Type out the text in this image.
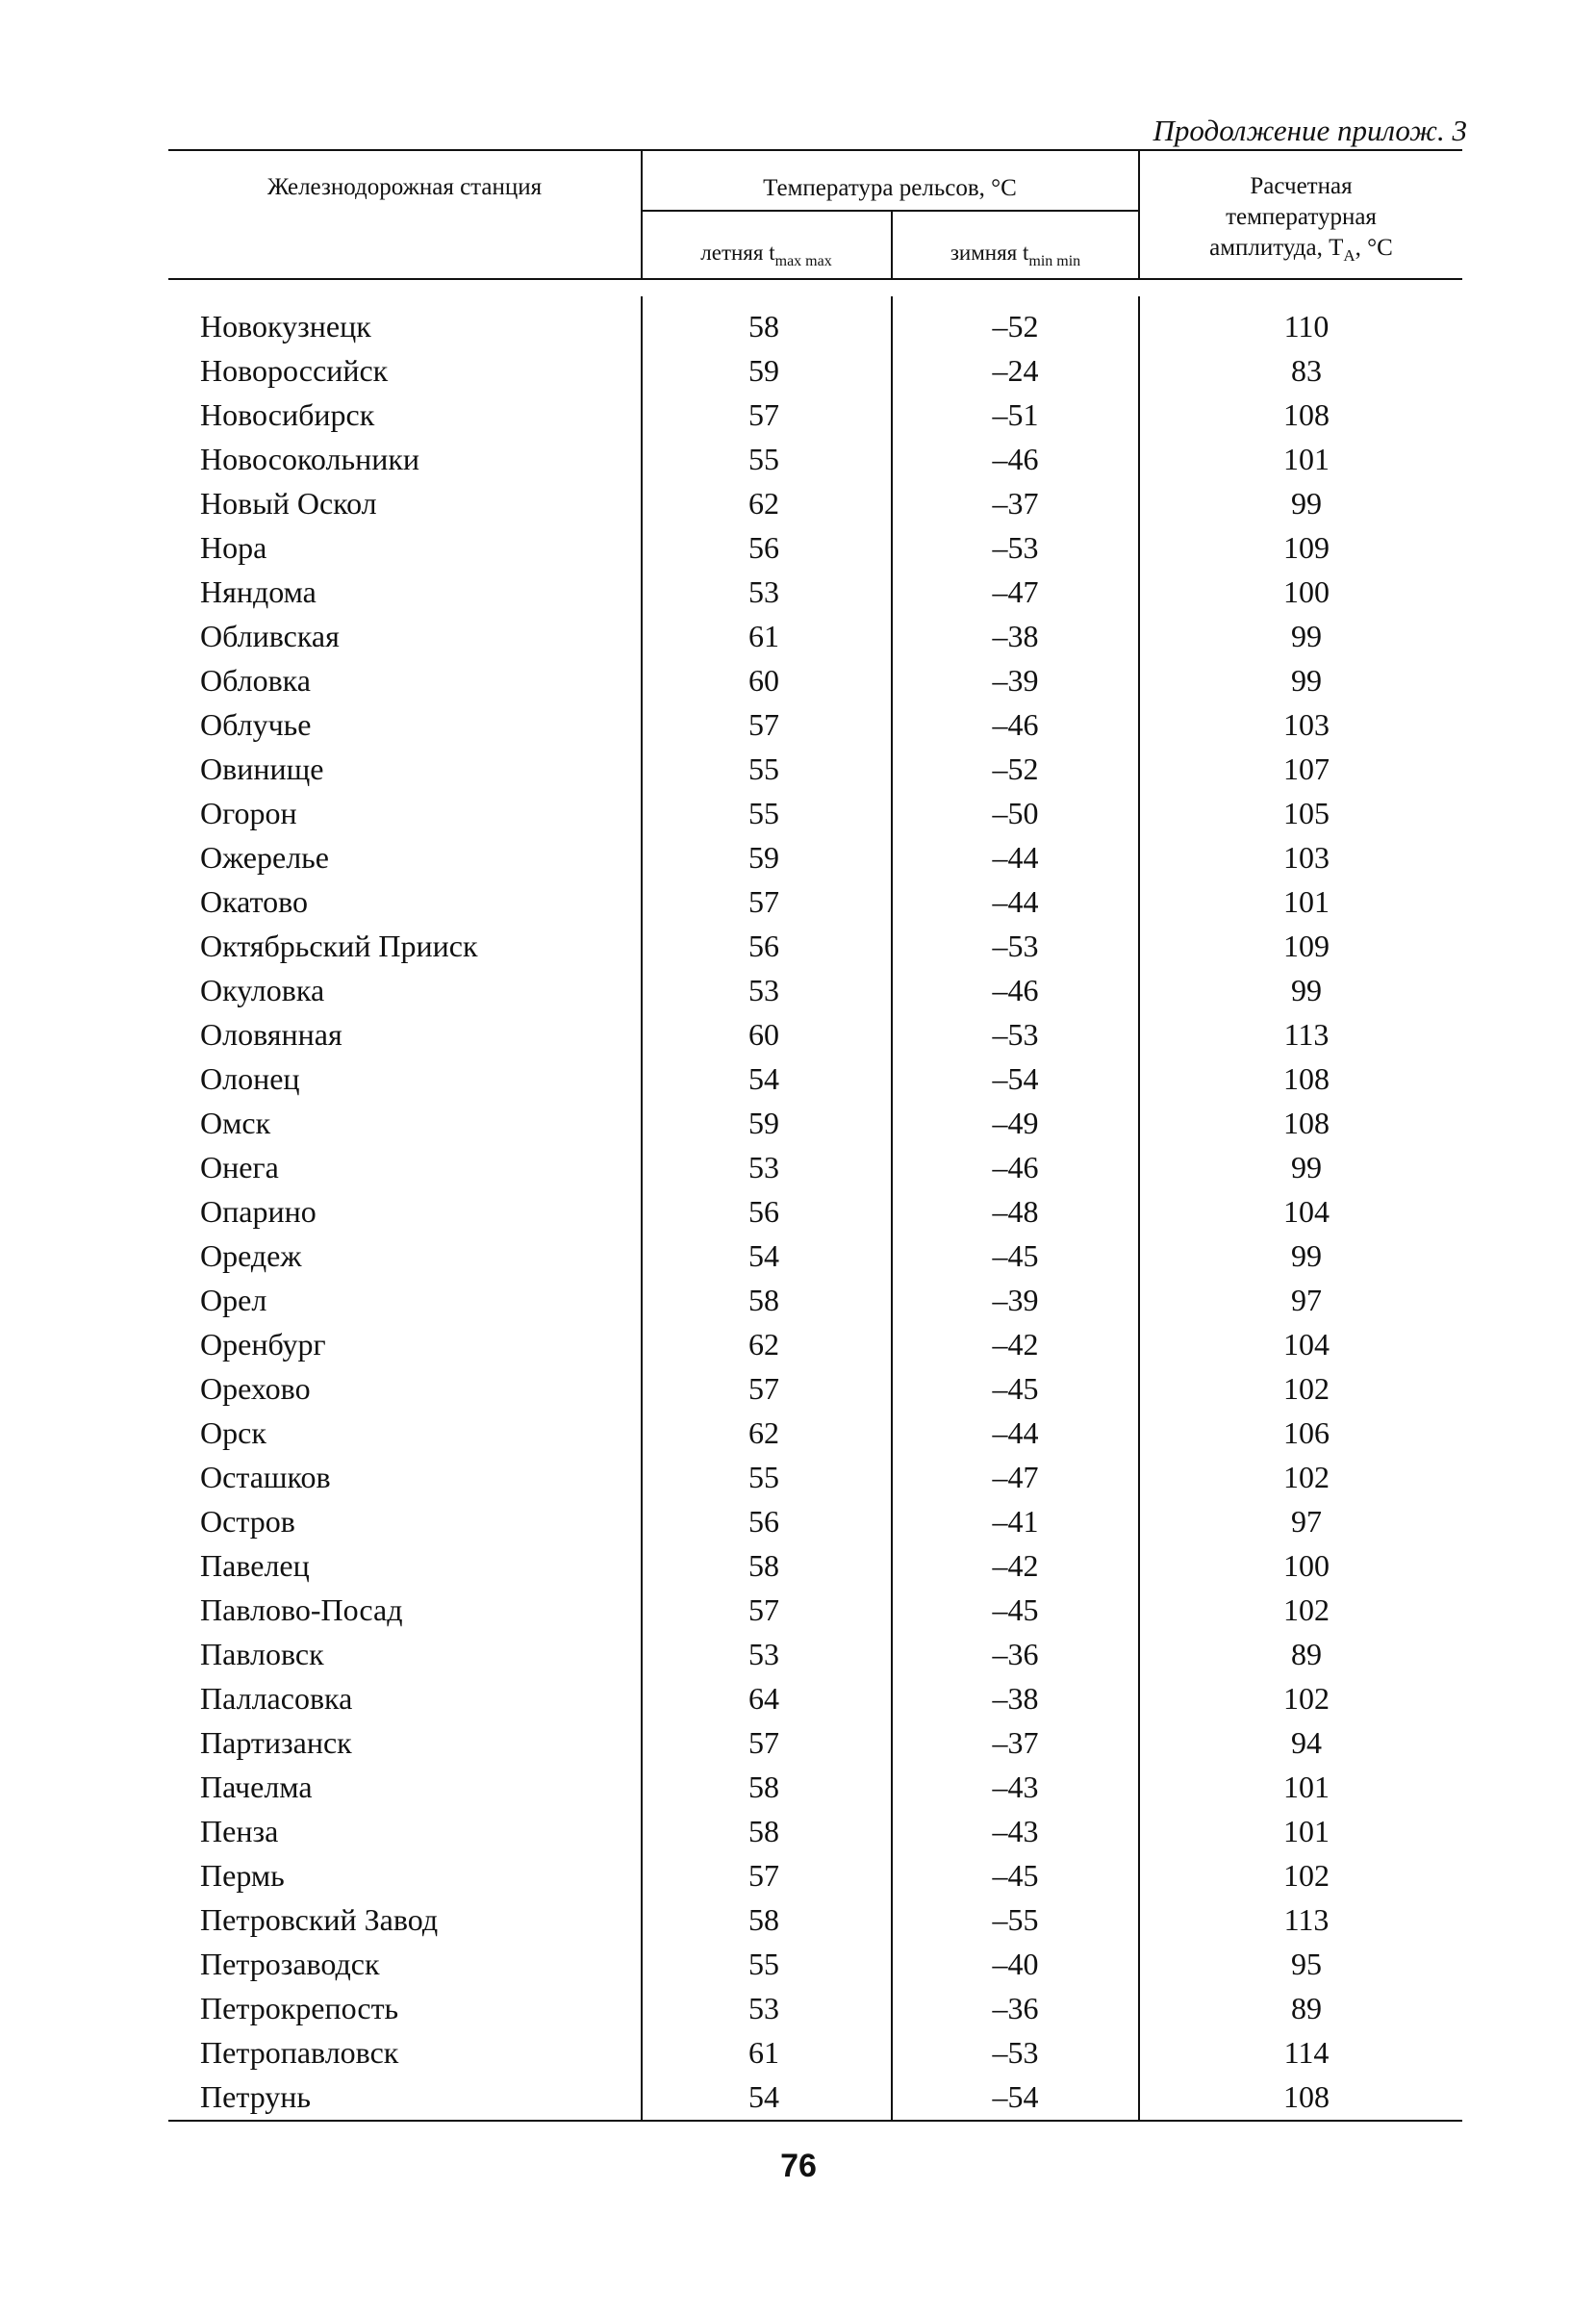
Продолжение прилож. 3
Железнодорожная станция	Температура рельсов, °С
летняя $t_{max max}$	зимняя $t_{min min}$
Расчетная
температурная
амплитуда, $T_A$, °С
Новокузнецк	58	–52	110
Новороссийск	59	–24	83
Новосибирск	57	–51	108
Новосокольники	55	–46	101
Новый Оскол	62	–37	99
Нора	56	–53	109
Няндома	53	–47	100
Обливская	61	–38	99
Обловка	60	–39	99
Облучье	57	–46	103
Овинище	55	–52	107
Огорон	55	–50	105
Ожерелье	59	–44	103
Окатово	57	–44	101
Октябрьский Прииск	56	–53	109
Окуловка	53	–46	99
Оловянная	60	–53	113
Олонец	54	–54	108
Омск	59	–49	108
Онега	53	–46	99
Опарино	56	–48	104
Оредеж	54	–45	99
Орел	58	–39	97
Оренбург	62	–42	104
Орехово	57	–45	102
Орск	62	–44	106
Осташков	55	–47	102
Остров	56	–41	97
Павелец	58	–42	100
Павлово-Посад	57	–45	102
Павловск	53	–36	89
Палласовка	64	–38	102
Партизанск	57	–37	94
Пачелма	58	–43	101
Пенза	58	–43	101
Пермь	57	–45	102
Петровский Завод	58	–55	113
Петрозаводск	55	–40	95
Петрокрепость	53	–36	89
Петропавловск	61	–53	114
Петрунь	54	–54	108
76
